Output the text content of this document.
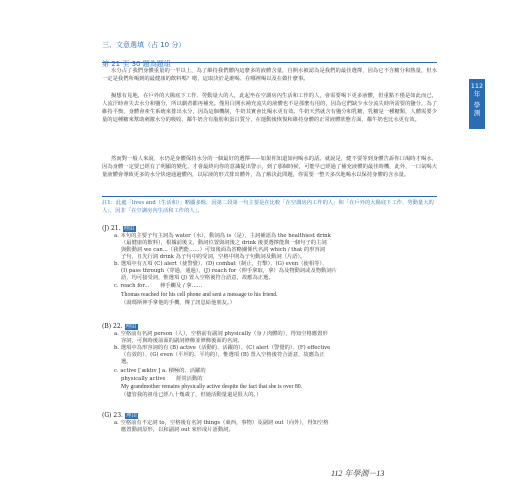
三、文意選填（占 10 分）
第 21 至 30 題為題組
水分占了我們身體重量的一半以上，為了維持我們體內這麼多的液體含量，自開水被認為是我們的最佳選擇，因為它不含糖分和熱量，但水一定是我們所喝到的最健康的飲料嗎？嗯，這取決於是誰喝、在哪裡喝以及在做什麼事。
擬想有見地，在戶外的大陽底下工作、勞動量大的人，此起坐在空調房內生活和工作的人，會需要喝下更多液體，但重點不僅是如此而已，人流汗時會失去水分和鹽分，所以劇者都再補充。僅用白開水補充流失的液體也不是那麼有用的，因為它們缺少水分流失時所需要的鹽分，為了維持平衡，身體會產生系統來排出水分，因為這個機制，牛奶其實會比喝水更有效。牛奶天然就含有鹽分和乳糖，乳糖是一種糖類，人體需要少量的這種糖來幫助刺激水分的吸收，鄰牛奶含有脂肪和蛋白質分，在運動後恢復和維持身體的正常液體狀態方面，鄰牛奶也比水更有效。
然而對一般人來說，水仍是身體保持水分的一個最好的選擇——如果你知道如何喝水的話。就說是，健不要等到身體告訴你口渴時才喝水，因為身體一定要已經有了明顯的變化，才會最終向你的意識提出警示，到了那個時候，可能早已經過了補充液體的最佳時機，此外，一口氣喝大量液體會導致更多的水分快速通過體內，以尿液的形式排出體外，為了解決此問題，你需要一整天多次地喝水以保持身體的含水量。
註1：此處「lives and（生活和）」略顯多餘，因第二段第一句主要是在比較「在空調房內工作的人」和「在戶外的大陽底下工作、勞動量大的人」，因非「在空調房內生活和工作的人」。
(J) 21. 理由
a. 本句的主要子句主詞為 water（水），動詞為 is（是），主詞補語為 the healthiest drink
（最健康的飲料），根據前後文，動詞位置與詞後之 drink 後要選擇能與一個句子的主詞
與動動詞 we can...（我們能……）可知後面為省略關係代名詞 which / that 的形容詞
子句，且先行詞 drink 為子句中的受詞，空格中則為子句動詞及動詞（片語）。
b. 選項中有五項 (C) alert（使警覺）、(D) combat（制止，打擊）、(G) even（使相等）、
(I) pass through（穿過，通過），(J) reach for（伸手拿取，拿）為及物動詞或及物動詞片
語，均可接受詞，惟選項 (J) 置入空格後符合語意，故應為正選。
c. reach for...　　伸手觸及 / 拿……
Thomas reached for his cell phone and sent a message to his friend.
（湯瑪斯伸手拿他的手機，傳了訊息給他朋友。）
(B) 22. 理由
a. 空格前有名詞 person（人），空格前有副詞 physically（身 / 肉體的），得知空格應置形
容詞，可與時後前面的副詞修飾並修飾後面的名詞。
b. 選項中為形容詞的有 (B) active（活動的、活躍的）、(C) alert（警覺的）、(F) effective
（有效的）、(G) even（平坦的、平均的），惟選項 (B) 置入空格後符合語意，故應為正
選。
c. active [ˈæktɪv ] a. 積極的、活躍的
physically active　　經常活動的
My grandmother remains physically active despite the fact that she is over 80.
（儘管我的祖母已經八十幾歲了，但她活動量還是很大的。）
(G) 23. 理由
a. 空格前有不定詞 to，空格後有名詞 things（東西，事物）及副詞 out（向外），得知空格
應置動詞原形，以和副詞 out 來形成片語動詞。
112
年
學
測
112 年學測－13
